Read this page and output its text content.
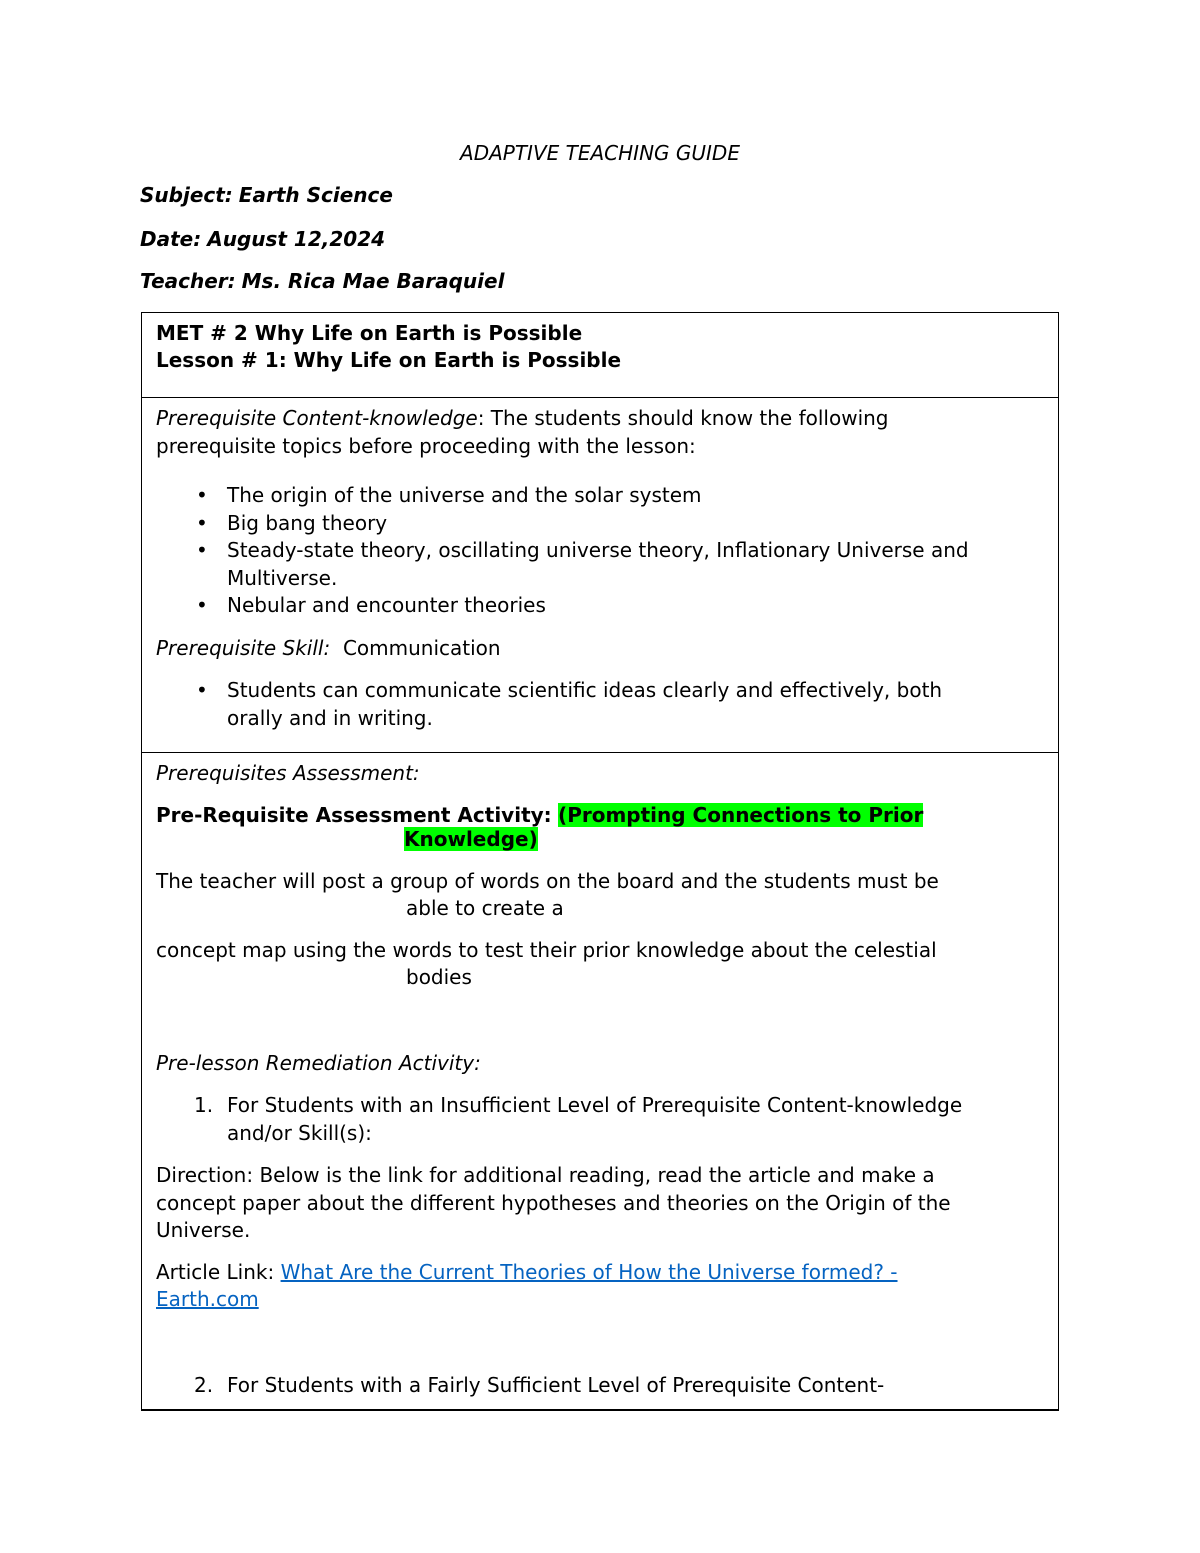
ADAPTIVE TEACHING GUIDE
Subject: Earth Science
Date: August 12,2024
Teacher: Ms. Rica Mae Baraquiel
MET # 2 Why Life on Earth is Possible
Lesson # 1: Why Life on Earth is Possible

Prerequisite Content-knowledge: The students should know the following

prerequisite topics before proceeding with the lesson:

• The origin of the universe and the solar system
• Big bang theory
• Steady-state theory, oscillating universe theory, Inflationary Universe and
Multiverse.
• Nebular and encounter theories

Prerequisite Skill: Communication

• Students can communicate scientific ideas clearly and effectively, both
orally and in writing.

Prerequisites Assessment:

Pre-Requisite Assessment Activity: (Prompting Connections to Prior

Knowledge)

The teacher will post a group of words on the board and the students must be

able to create a

concept map using the words to test their prior knowledge about the celestial

bodies

Pre-lesson Remediation Activity:

1. For Students with an Insufficient Level of Prerequisite Content-knowledge
and/or Skill(s):

Direction: Below is the link for additional reading, read the article and make a

concept paper about the different hypotheses and theories on the Origin of the

Universe.

Article Link: What Are the Current Theories of How the Universe formed? -

Earth.com

2. For Students with a Fairly Sufficient Level of Prerequisite Content-
